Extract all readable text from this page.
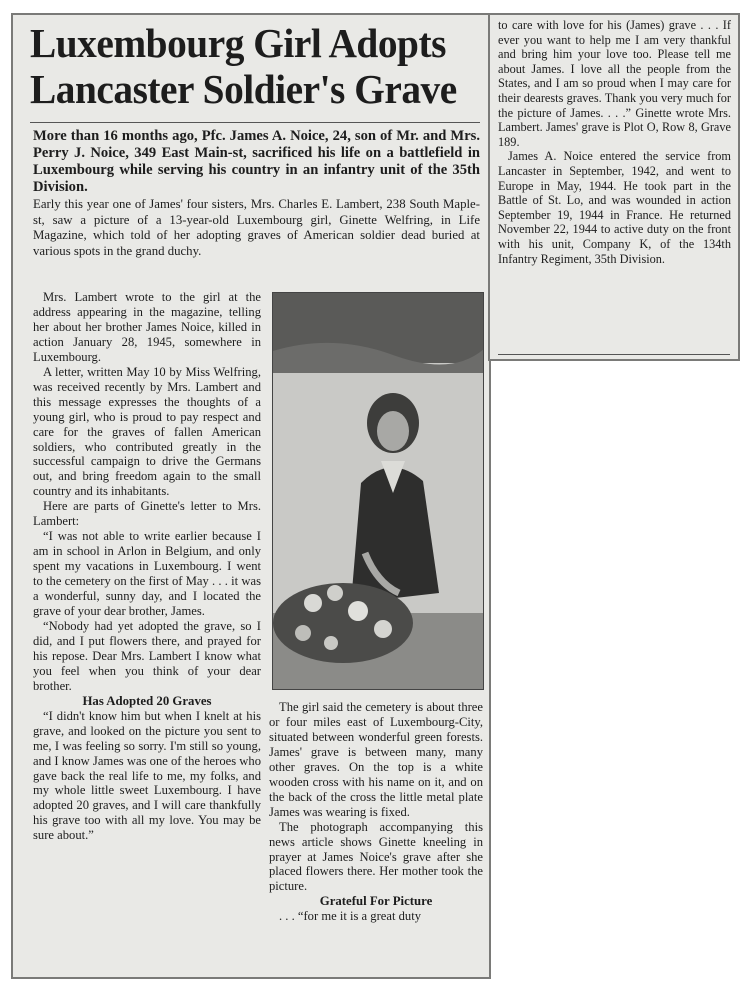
Luxembourg Girl Adopts
Lancaster Soldier's Grave

More than 16 months ago, Pfc. James A. Noice, 24, son of Mr. and Mrs. Perry J. Noice, 349 East Main-st, sacrificed his life on a battlefield in Luxembourg while serving his country in an infantry unit of the 35th Division.

Early this year one of James' four sisters, Mrs. Charles E. Lambert, 238 South Maple-st, saw a picture of a 13-year-old Luxembourg girl, Ginette Welfring, in Life Magazine, which told of her adopting graves of American soldier dead buried at various spots in the grand duchy.

Mrs. Lambert wrote to the girl at the address appearing in the magazine, telling her about her brother James Noice, killed in action January 28, 1945, somewhere in Luxembourg.

A letter, written May 10 by Miss Welfring, was received recently by Mrs. Lambert and this message expresses the thoughts of a young girl, who is proud to pay respect and care for the graves of fallen American soldiers, who contributed greatly in the successful campaign to drive the Germans out, and bring freedom again to the small country and its inhabitants.

Here are parts of Ginette's letter to Mrs. Lambert:

“I was not able to write earlier because I am in school in Arlon in Belgium, and only spent my vacations in Luxembourg. I went to the cemetery on the first of May . . . it was a wonderful, sunny day, and I located the grave of your dear brother, James.

“Nobody had yet adopted the grave, so I did, and I put flowers there, and prayed for his repose. Dear Mrs. Lambert I know what you feel when you think of your dear brother.

Has Adopted 20 Graves

“I didn't know him but when I knelt at his grave, and looked on the picture you sent to me, I was feeling so sorry. I'm still so young, and I know James was one of the heroes who gave back the real life to me, my folks, and my whole little sweet Luxembourg. I have adopted 20 graves, and I will care thankfully his grave too with all my love. You may be sure about.”

The girl said the cemetery is about three or four miles east of Luxembourg-City, situated between wonderful green forests. James' grave is between many, many other graves. On the top is a white wooden cross with his name on it, and on the back of the cross the little metal plate James was wearing is fixed.

The photograph accompanying this news article shows Ginette kneeling in prayer at James Noice's grave after she placed flowers there. Her mother took the picture.

Grateful For Picture

. . . “for me it is a great duty

to care with love for his (James) grave . . . If ever you want to help me I am very thankful and bring him your love too. Please tell me about James. I love all the people from the States, and I am so proud when I may care for their dearests graves. Thank you very much for the picture of James. . . .” Ginette wrote Mrs. Lambert. James' grave is Plot O, Row 8, Grave 189.

James A. Noice entered the service from Lancaster in September, 1942, and went to Europe in May, 1944. He took part in the Battle of St. Lo, and was wounded in action September 19, 1944 in France. He returned November 22, 1944 to active duty on the front with his unit, Company K, of the 134th Infantry Regiment, 35th Division.
